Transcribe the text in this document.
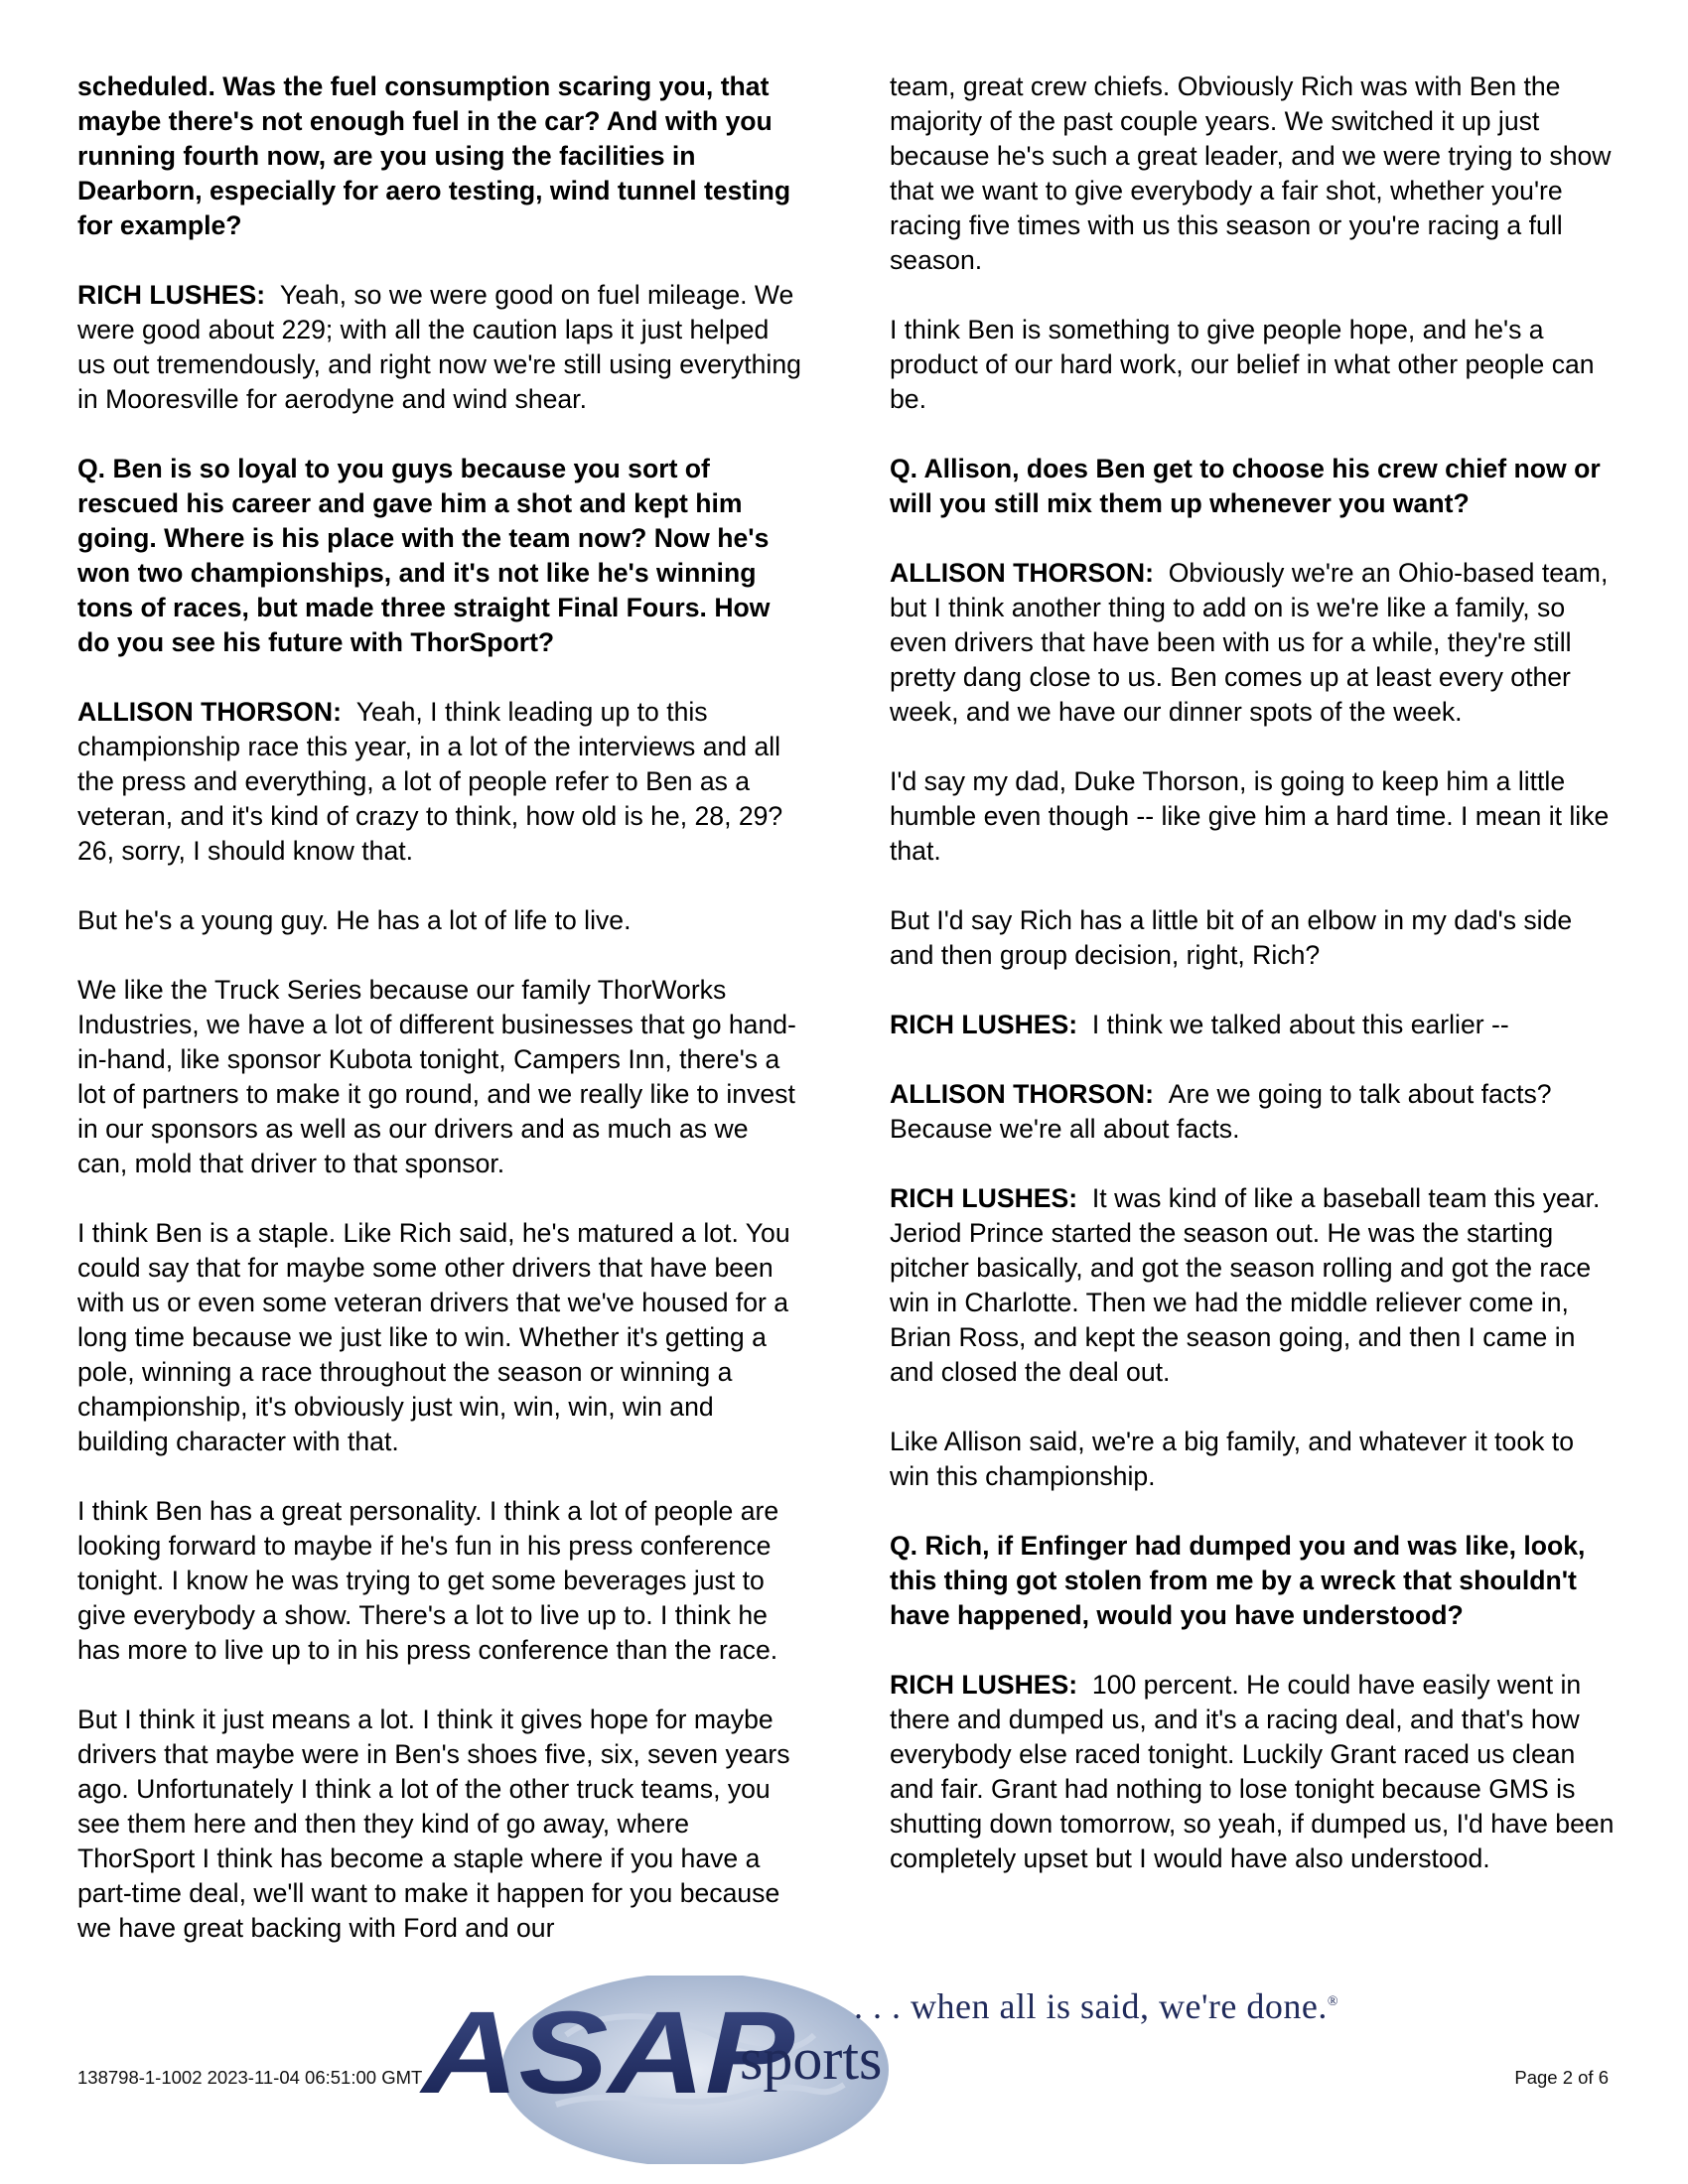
scheduled. Was the fuel consumption scaring you, that maybe there's not enough fuel in the car? And with you running fourth now, are you using the facilities in Dearborn, especially for aero testing, wind tunnel testing for example?
RICH LUSHES: Yeah, so we were good on fuel mileage. We were good about 229; with all the caution laps it just helped us out tremendously, and right now we're still using everything in Mooresville for aerodyne and wind shear.
Q. Ben is so loyal to you guys because you sort of rescued his career and gave him a shot and kept him going. Where is his place with the team now? Now he's won two championships, and it's not like he's winning tons of races, but made three straight Final Fours. How do you see his future with ThorSport?
ALLISON THORSON: Yeah, I think leading up to this championship race this year, in a lot of the interviews and all the press and everything, a lot of people refer to Ben as a veteran, and it's kind of crazy to think, how old is he, 28, 29? 26, sorry, I should know that.
But he's a young guy. He has a lot of life to live.
We like the Truck Series because our family ThorWorks Industries, we have a lot of different businesses that go hand-in-hand, like sponsor Kubota tonight, Campers Inn, there's a lot of partners to make it go round, and we really like to invest in our sponsors as well as our drivers and as much as we can, mold that driver to that sponsor.
I think Ben is a staple. Like Rich said, he's matured a lot. You could say that for maybe some other drivers that have been with us or even some veteran drivers that we've housed for a long time because we just like to win. Whether it's getting a pole, winning a race throughout the season or winning a championship, it's obviously just win, win, win, win and building character with that.
I think Ben has a great personality. I think a lot of people are looking forward to maybe if he's fun in his press conference tonight. I know he was trying to get some beverages just to give everybody a show. There's a lot to live up to. I think he has more to live up to in his press conference than the race.
But I think it just means a lot. I think it gives hope for maybe drivers that maybe were in Ben's shoes five, six, seven years ago. Unfortunately I think a lot of the other truck teams, you see them here and then they kind of go away, where ThorSport I think has become a staple where if you have a part-time deal, we'll want to make it happen for you because we have great backing with Ford and our
team, great crew chiefs. Obviously Rich was with Ben the majority of the past couple years. We switched it up just because he's such a great leader, and we were trying to show that we want to give everybody a fair shot, whether you're racing five times with us this season or you're racing a full season.
I think Ben is something to give people hope, and he's a product of our hard work, our belief in what other people can be.
Q. Allison, does Ben get to choose his crew chief now or will you still mix them up whenever you want?
ALLISON THORSON: Obviously we're an Ohio-based team, but I think another thing to add on is we're like a family, so even drivers that have been with us for a while, they're still pretty dang close to us. Ben comes up at least every other week, and we have our dinner spots of the week.
I'd say my dad, Duke Thorson, is going to keep him a little humble even though -- like give him a hard time. I mean it like that.
But I'd say Rich has a little bit of an elbow in my dad's side and then group decision, right, Rich?
RICH LUSHES: I think we talked about this earlier --
ALLISON THORSON: Are we going to talk about facts? Because we're all about facts.
RICH LUSHES: It was kind of like a baseball team this year. Jeriod Prince started the season out. He was the starting pitcher basically, and got the season rolling and got the race win in Charlotte. Then we had the middle reliever come in, Brian Ross, and kept the season going, and then I came in and closed the deal out.
Like Allison said, we're a big family, and whatever it took to win this championship.
Q. Rich, if Enfinger had dumped you and was like, look, this thing got stolen from me by a wreck that shouldn't have happened, would you have understood?
RICH LUSHES: 100 percent. He could have easily went in there and dumped us, and it's a racing deal, and that's how everybody else raced tonight. Luckily Grant raced us clean and fair. Grant had nothing to lose tonight because GMS is shutting down tomorrow, so yeah, if dumped us, I'd have been completely upset but I would have also understood.
ASAP
sports
. . . when all is said, we're done.®
138798-1-1002 2023-11-04 06:51:00 GMT	Page 2 of 6
